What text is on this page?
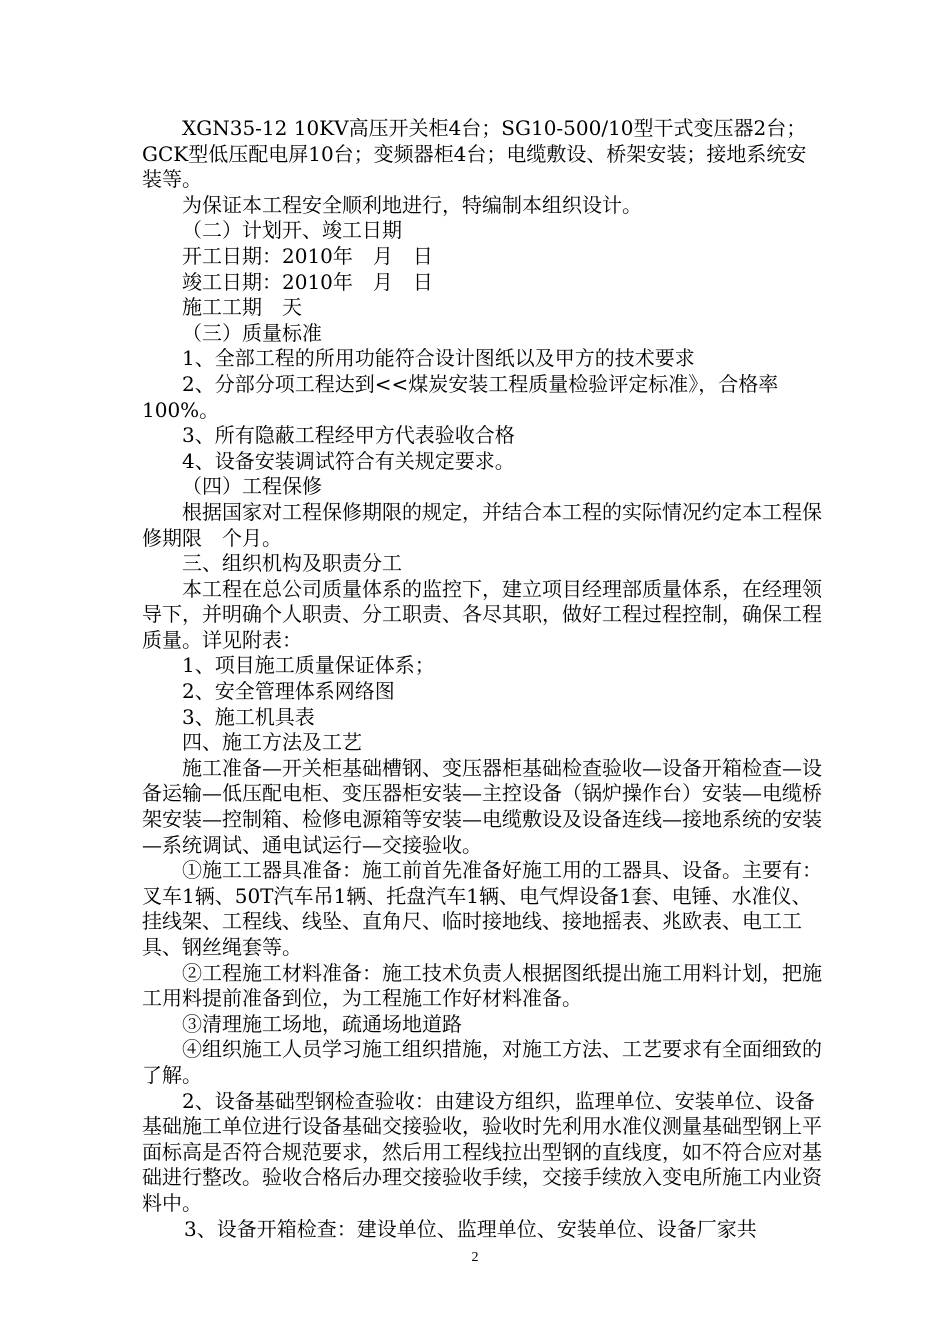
XGN35-12 10KV高压开关柜4台；SG10-500/10型干式变压器2台；GCK型低压配电屏10台；变频器柜4台；电缆敷设、桥架安装；接地系统安装等。

为保证本工程安全顺利地进行，特编制本组织设计。

（二）计划开、竣工日期

开工日期：2010年　月　日

竣工日期：2010年　月　日

施工工期　天

（三）质量标准

1、全部工程的所用功能符合设计图纸以及甲方的技术要求

2、分部分项工程达到<<煤炭安装工程质量检验评定标准》，合格率100%。

3、所有隐蔽工程经甲方代表验收合格

4、设备安装调试符合有关规定要求。

（四）工程保修

根据国家对工程保修期限的规定，并结合本工程的实际情况约定本工程保修期限　个月。

三、组织机构及职责分工

本工程在总公司质量体系的监控下，建立项目经理部质量体系，在经理领导下，并明确个人职责、分工职责、各尽其职，做好工程过程控制，确保工程质量。详见附表：

1、项目施工质量保证体系；

2、安全管理体系网络图

3、施工机具表

四、施工方法及工艺

施工准备—开关柜基础槽钢、变压器柜基础检查验收—设备开箱检查—设备运输—低压配电柜、变压器柜安装—主控设备（锅炉操作台）安装—电缆桥架安装—控制箱、检修电源箱等安装—电缆敷设及设备连线—接地系统的安装—系统调试、通电试运行—交接验收。

①施工工器具准备：施工前首先准备好施工用的工器具、设备。主要有：叉车1辆、50T汽车吊1辆、托盘汽车1辆、电气焊设备1套、电锤、水准仪、挂线架、工程线、线坠、直角尺、临时接地线、接地摇表、兆欧表、电工工具、钢丝绳套等。

②工程施工材料准备：施工技术负责人根据图纸提出施工用料计划，把施工用料提前准备到位，为工程施工作好材料准备。

③清理施工场地，疏通场地道路

④组织施工人员学习施工组织措施，对施工方法、工艺要求有全面细致的了解。

2、设备基础型钢检查验收：由建设方组织，监理单位、安装单位、设备基础施工单位进行设备基础交接验收，验收时先利用水准仪测量基础型钢上平面标高是否符合规范要求，然后用工程线拉出型钢的直线度，如不符合应对基础进行整改。验收合格后办理交接验收手续，交接手续放入变电所施工内业资料中。

3、设备开箱检查：建设单位、监理单位、安装单位、设备厂家共

2
